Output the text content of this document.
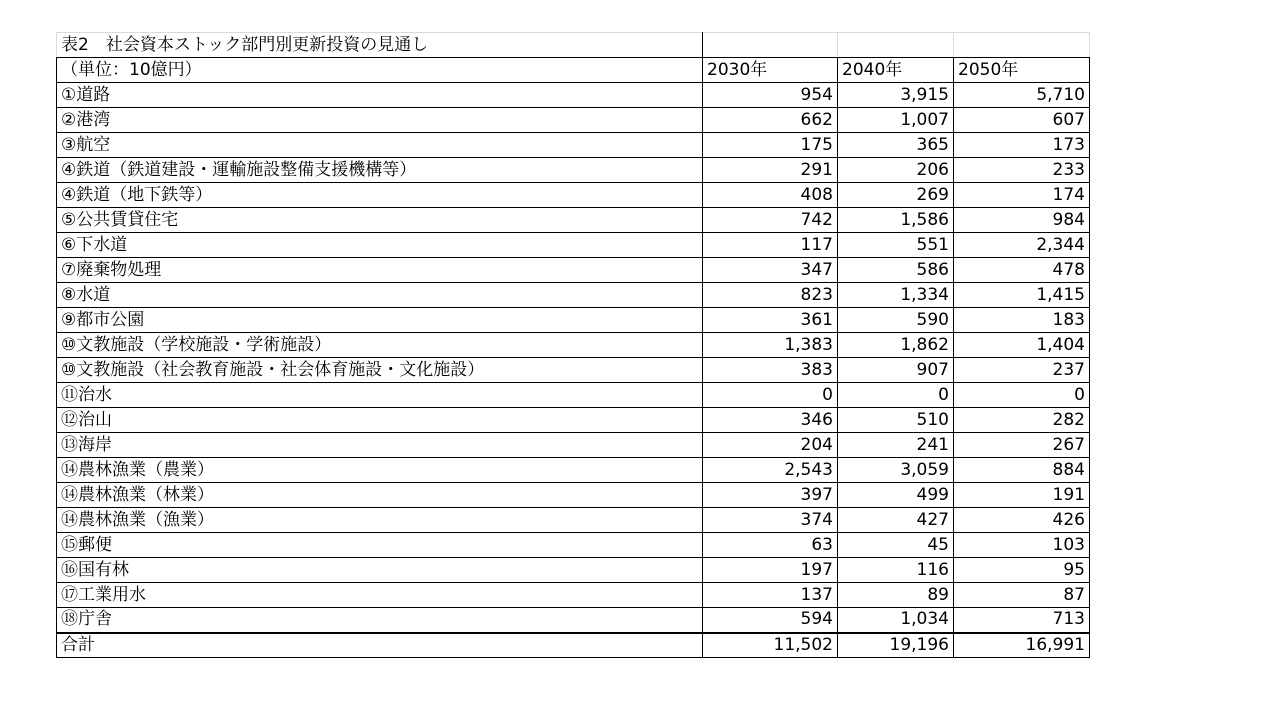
表2　社会資本ストック部門別更新投資の見通し			
（単位：10億円）	2030年	2040年	2050年
①道路	954	3,915	5,710
②港湾	662	1,007	607
③航空	175	365	173
④鉄道（鉄道建設・運輸施設整備支援機構等）	291	206	233
④鉄道（地下鉄等）	408	269	174
⑤公共賃貸住宅	742	1,586	984
⑥下水道	117	551	2,344
⑦廃棄物処理	347	586	478
⑧水道	823	1,334	1,415
⑨都市公園	361	590	183
⑩文教施設（学校施設・学術施設）	1,383	1,862	1,404
⑩文教施設（社会教育施設・社会体育施設・文化施設）	383	907	237
⑪治水	0	0	0
⑫治山	346	510	282
⑬海岸	204	241	267
⑭農林漁業（農業）	2,543	3,059	884
⑭農林漁業（林業）	397	499	191
⑭農林漁業（漁業）	374	427	426
⑮郵便	63	45	103
⑯国有林	197	116	95
⑰工業用水	137	89	87
⑱庁舎	594	1,034	713
合計	11,502	19,196	16,991
